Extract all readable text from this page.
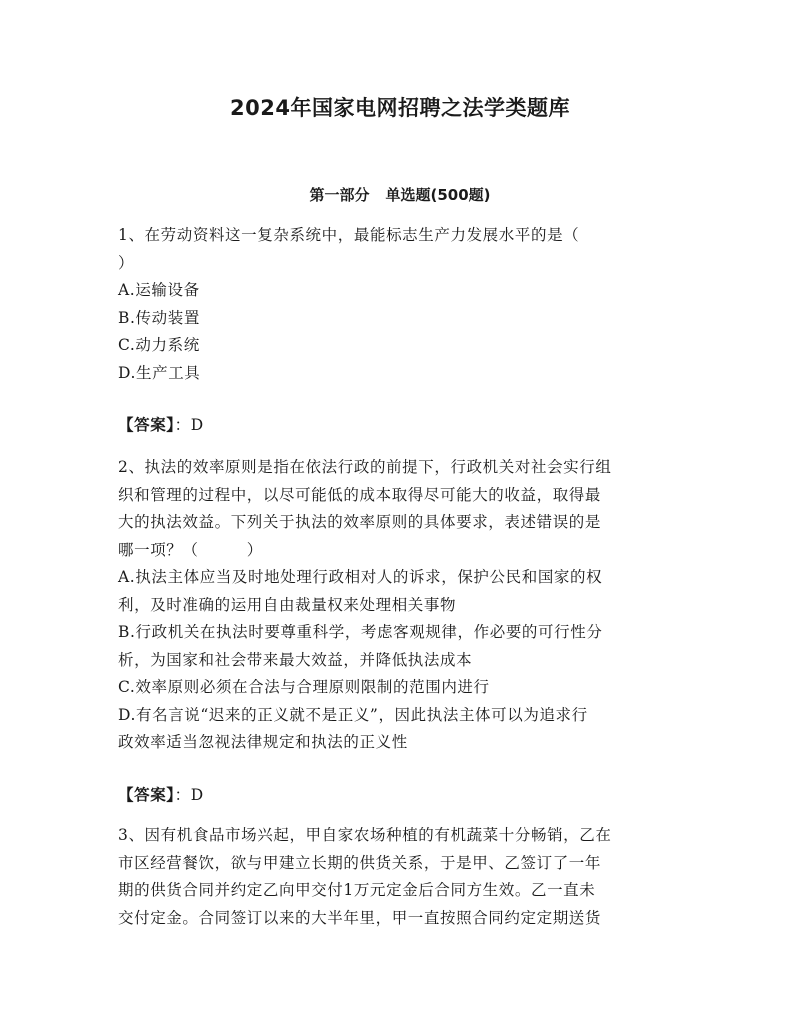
2024年国家电网招聘之法学类题库
第一部分 单选题(500题)
1、在劳动资料这一复杂系统中，最能标志生产力发展水平的是（
）
A.运输设备
B.传动装置
C.动力系统
D.生产工具
【答案】：D
2、执法的效率原则是指在依法行政的前提下，行政机关对社会实行组
织和管理的过程中，以尽可能低的成本取得尽可能大的收益，取得最
大的执法效益。下列关于执法的效率原则的具体要求，表述错误的是
哪一项？（　　　）
A.执法主体应当及时地处理行政相对人的诉求，保护公民和国家的权
利，及时准确的运用自由裁量权来处理相关事物
B.行政机关在执法时要尊重科学，考虑客观规律，作必要的可行性分
析，为国家和社会带来最大效益，并降低执法成本
C.效率原则必须在合法与合理原则限制的范围内进行
D.有名言说“迟来的正义就不是正义”，因此执法主体可以为追求行
政效率适当忽视法律规定和执法的正义性
【答案】：D
3、因有机食品市场兴起，甲自家农场种植的有机蔬菜十分畅销，乙在
市区经营餐饮，欲与甲建立长期的供货关系，于是甲、乙签订了一年
期的供货合同并约定乙向甲交付1万元定金后合同方生效。乙一直未
交付定金。合同签订以来的大半年里，甲一直按照合同约定定期送货
